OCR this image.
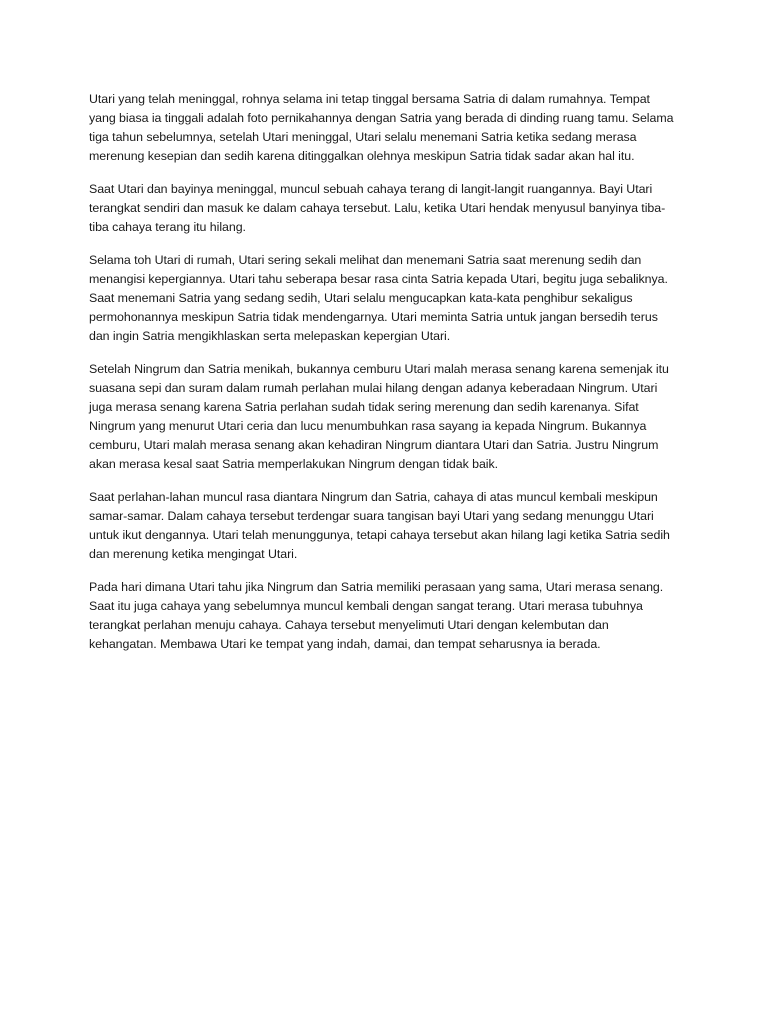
Utari yang telah meninggal, rohnya selama ini tetap tinggal bersama Satria di dalam rumahnya. Tempat yang biasa ia tinggali adalah foto pernikahannya dengan Satria yang berada di dinding ruang tamu. Selama tiga tahun sebelumnya, setelah Utari meninggal, Utari selalu menemani Satria ketika sedang merasa merenung kesepian dan sedih karena ditinggalkan olehnya meskipun Satria tidak sadar akan hal itu.

Saat Utari dan bayinya meninggal, muncul sebuah cahaya terang di langit-langit ruangannya. Bayi Utari terangkat sendiri dan masuk ke dalam cahaya tersebut. Lalu, ketika Utari hendak menyusul banyinya tiba-tiba cahaya terang itu hilang.

Selama toh Utari di rumah, Utari sering sekali melihat dan menemani Satria saat merenung sedih dan menangisi kepergiannya. Utari tahu seberapa besar rasa cinta Satria kepada Utari, begitu juga sebaliknya. Saat menemani Satria yang sedang sedih, Utari selalu mengucapkan kata-kata penghibur sekaligus permohonannya meskipun Satria tidak mendengarnya. Utari meminta Satria untuk jangan bersedih terus dan ingin Satria mengikhlaskan serta melepaskan kepergian Utari.

Setelah Ningrum dan Satria menikah, bukannya cemburu Utari malah merasa senang karena semenjak itu suasana sepi dan suram dalam rumah perlahan mulai hilang dengan adanya keberadaan Ningrum. Utari juga merasa senang karena Satria perlahan sudah tidak sering merenung dan sedih karenanya. Sifat Ningrum yang menurut Utari ceria dan lucu menumbuhkan rasa sayang ia kepada Ningrum. Bukannya cemburu, Utari malah merasa senang akan kehadiran Ningrum diantara Utari dan Satria. Justru Ningrum akan merasa kesal saat Satria memperlakukan Ningrum dengan tidak baik.

Saat perlahan-lahan muncul rasa diantara Ningrum dan Satria, cahaya di atas muncul kembali meskipun samar-samar. Dalam cahaya tersebut terdengar suara tangisan bayi Utari yang sedang menunggu Utari untuk ikut dengannya. Utari telah menunggunya, tetapi cahaya tersebut akan hilang lagi ketika Satria sedih dan merenung ketika mengingat Utari.

Pada hari dimana Utari tahu jika Ningrum dan Satria memiliki perasaan yang sama, Utari merasa senang. Saat itu juga cahaya yang sebelumnya muncul kembali dengan sangat terang. Utari merasa tubuhnya terangkat perlahan menuju cahaya. Cahaya tersebut menyelimuti Utari dengan kelembutan dan kehangatan. Membawa Utari ke tempat yang indah, damai, dan tempat seharusnya ia berada.
